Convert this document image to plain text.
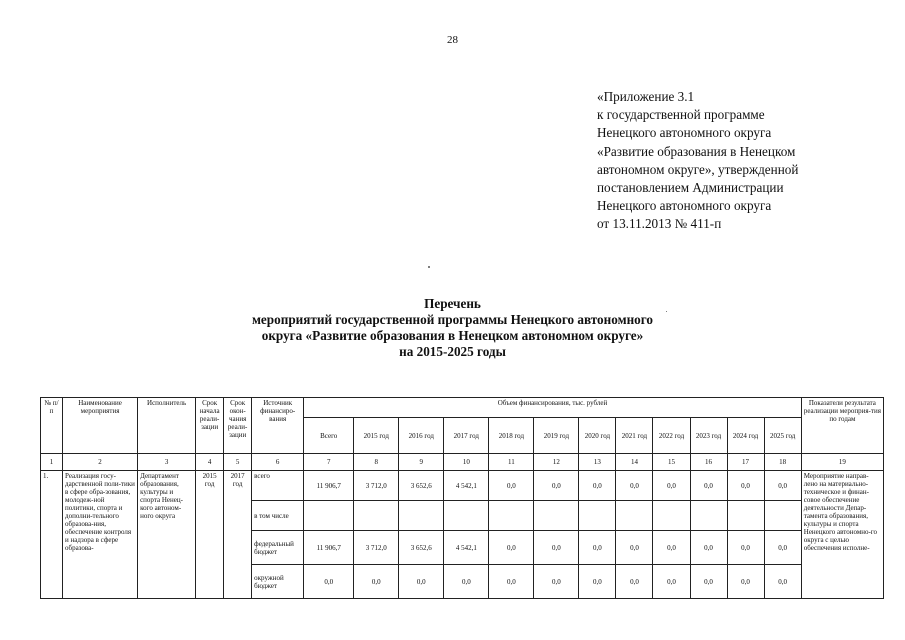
28
«Приложение 3.1
к государственной программе
Ненецкого автономного округа
«Развитие образования в Ненецком
автономном округе», утвержденной
постановлением Администрации
Ненецкого автономного округа
от 13.11.2013 № 411-п
Перечень
мероприятий государственной программы Ненецкого автономного
округа «Развитие образования в Ненецком автономном округе»
на 2015-2025 годы
№ п/п	Наименование мероприятия	Исполнитель	Срок начала реали-зации	Срок окон-чания реали-зации	Источник финансиро-вания	Объем финансирования, тыс. рублей												Показатели результата реализации мероприя-тия по годам
						Всего	2015 год	2016 год	2017 год	2018 год	2019 год	2020 год	2021 год	2022 год	2023 год	2024 год	2025 год	
1	2	3	4	5	6	7	8	9	10	11	12	13	14	15	16	17	18	19
1.	Реализация госу-дарственной поли-тики в сфере обра-зования, молодеж-ной политики, спорта и дополни-тельного образова-ния, обеспечение контроля и надзора в сфере образова-	Департамент образования, культуры и спорта Ненец-кого автоном-ного округа	2015 год	2017 год	всего	11 906,7	3 712,0	3 652,6	4 542,1	0,0	0,0	0,0	0,0	0,0	0,0	0,0	0,0	Мероприятие направ-лено на материально-техническое и финан-совое обеспечение деятельности Депар-тамента образования, культуры и спорта Ненецкого автономно-го округа с целью обеспечения исполне-
					в том числе													
					федеральный бюджет	11 906,7	3 712,0	3 652,6	4 542,1	0,0	0,0	0,0	0,0	0,0	0,0	0,0	0,0	
					окружной бюджет	0,0	0,0	0,0	0,0	0,0	0,0	0,0	0,0	0,0	0,0	0,0	0,0	
